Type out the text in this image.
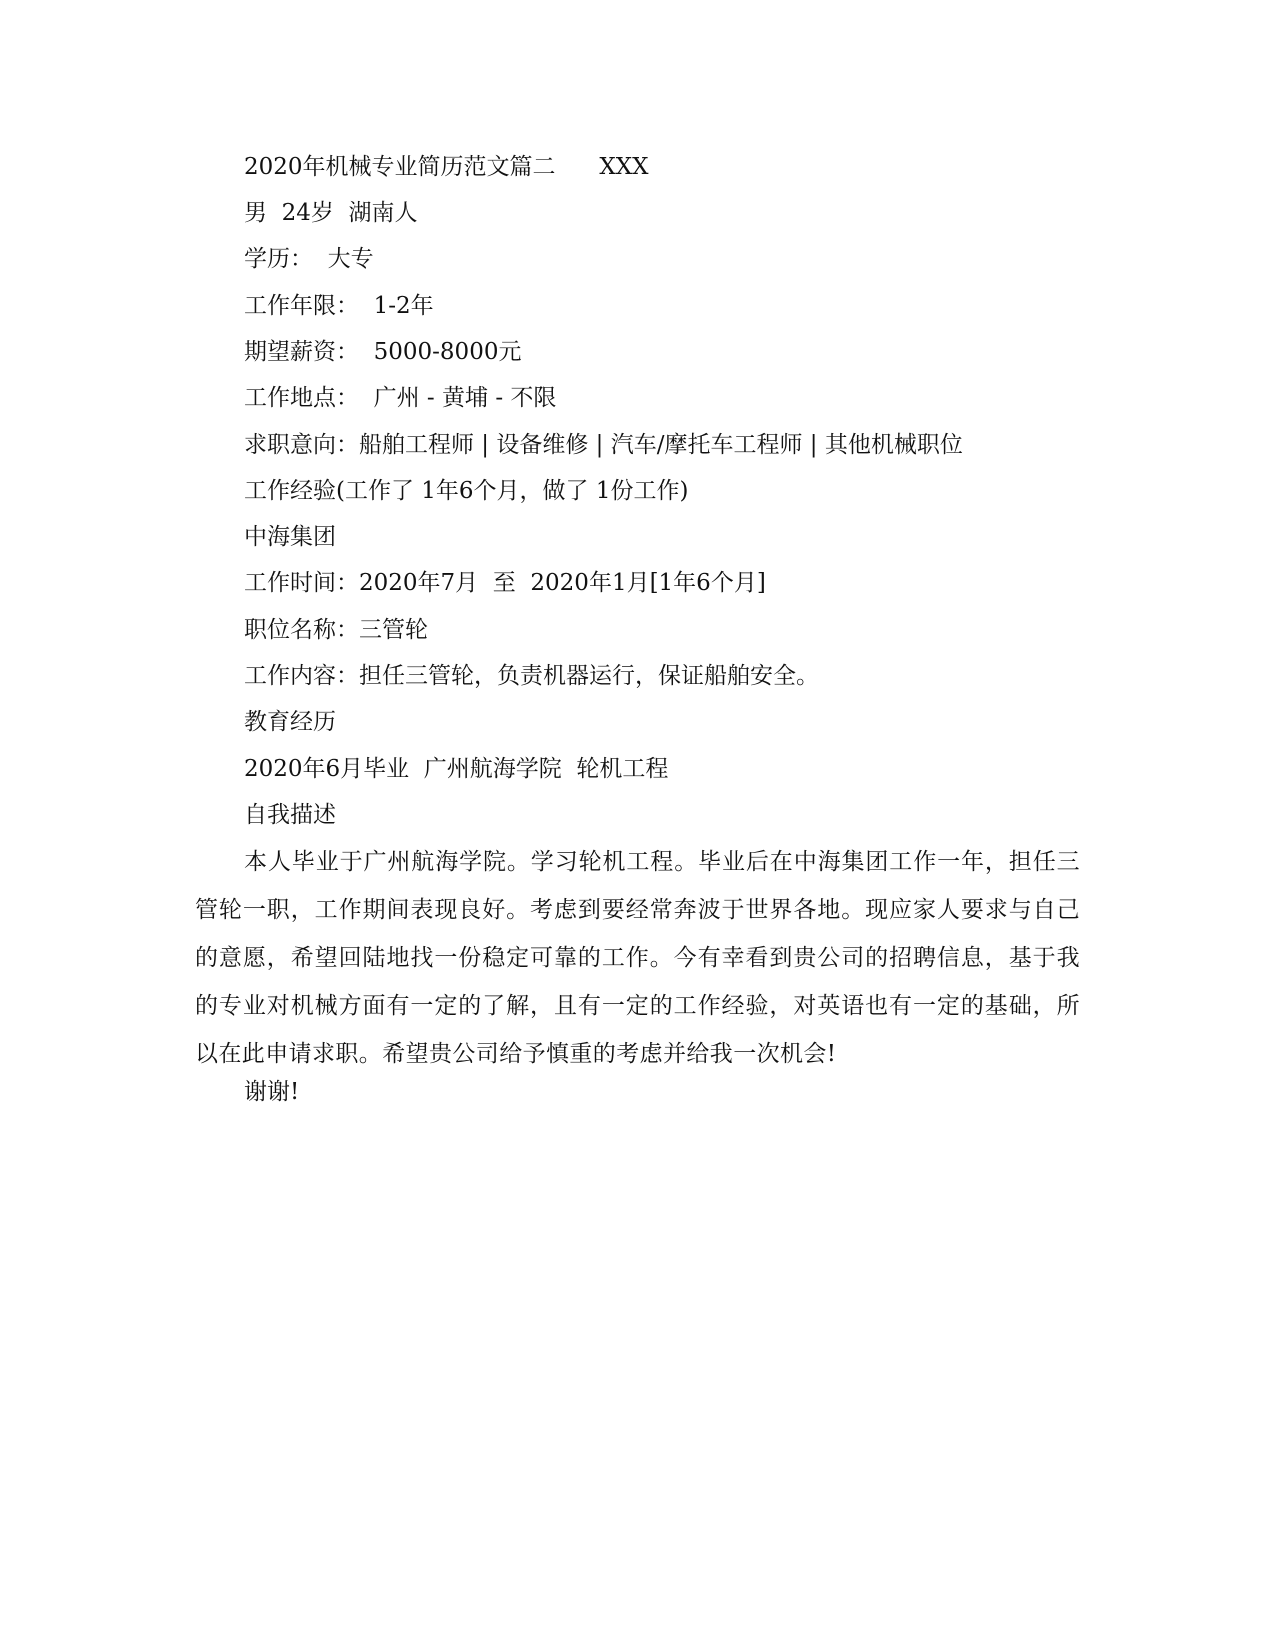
2020年机械专业简历范文篇二      XXX
男  24岁  湖南人
学历：  大专
工作年限：  1-2年
期望薪资：  5000-8000元
工作地点：  广州 - 黄埔 - 不限
求职意向：船舶工程师 | 设备维修 | 汽车/摩托车工程师 | 其他机械职位
工作经验(工作了 1年6个月，做了 1份工作)
中海集团
工作时间：2020年7月  至  2020年1月[1年6个月]
职位名称：三管轮
工作内容：担任三管轮，负责机器运行，保证船舶安全。
教育经历
2020年6月毕业  广州航海学院  轮机工程
自我描述
本人毕业于广州航海学院。学习轮机工程。毕业后在中海集团工作一年，担任三管轮一职，工作期间表现良好。考虑到要经常奔波于世界各地。现应家人要求与自己的意愿，希望回陆地找一份稳定可靠的工作。今有幸看到贵公司的招聘信息，基于我的专业对机械方面有一定的了解，且有一定的工作经验，对英语也有一定的基础，所以在此申请求职。希望贵公司给予慎重的考虑并给我一次机会!
谢谢!
